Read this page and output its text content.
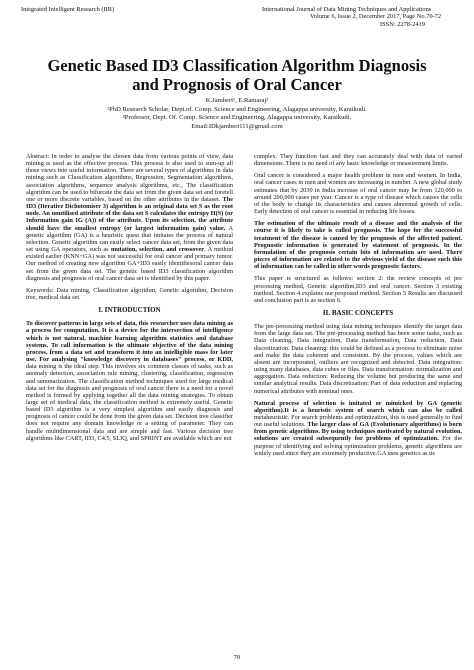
Integrated Intelligent Research (IIR)	International Journal of Data Mining Techniques and Applications
Volume 6, Issue 2, December 2017, Page No.70-72
ISSN: 2278-2419
Genetic Based ID3 Classification Algorithm Diagnosis
and Prognosis of Oral Cancer
K.Jamberi¹, E.Ramaraj²
¹PhD Research Scholar, Dept.of. Comp. Science and Engineering, Alagappa university, Karaikudi.
²Professor, Dept. Of. Comp. Science and Engineering, Alagappa university, Karaikudi.
Email:IDkjamberi111@gmail.com

Abstract: In order to analyse the chosen data from various points of view, data mining is used as the effective process. This process is also used to sum-up all those views into useful information. There are several types of algorithms in data mining such as Classification algorithms, Regression, Segmentation algorithms, association algorithms, sequence analysis algorithms, etc., The classification algorithm can be used to bifurcate the data set from the given data set and foretell one or more discrete variables, based on the other attributes in the dataset. The ID3 (Iterative Dichotomiser 3) algorithm is an original data set S as the root node. An unutilised attribute of the data set S calculates the entropy H(S) (or Information gain IG (A)) of the attribute. Upon its selection, the attribute should have the smallest entropy (or largest information gain) value. A genetic algorithm (GA) is a heuristic quest that imitates the process of natural selection. Genetic algorithm can easily select cancer data set, from the given data set using GA operators, such as mutation, selection, and crossover. A method existed earlier (KNN+GA) was not successful for oral cancer and primary tumor. Our method of creating new algorithm GA+ID3 easily identifiesoral cancer data set from the given data set. The genetic based ID3 classification algorithm diagnosis and prognosis of oral cancer data set is identified by this paper.

Keywords: Data mining, Classification algorithm, Genetic algorithm, Decision tree, medical data set.

I. INTRODUCTION

To discover patterns in large sets of data, this researcher uses data mining as a process for computation. It is a device for the intersection of intelligence which is not natural, machine learning algorithm statistics and database systems. To call information is the ultimate objective of the data mining process, from a data set and transform it into an intelligible mass for later use. For analysing "knowledge discovery in databases" process, or KDD, data mining is the ideal step. This involves six common classes of tasks, such as anomaly detection, association rule mining, clustering, classification, regression and summarization. The classification method techniques used for large medical data set for the diagnosis and prognosis of oral cancer there is a need for a novel method is formed by applying together all the data mining strategies. To obtain large set of medical data, the classification method is extremely useful. Genetic based ID3 algorithm is a very simplest algorithm and easily diagnosis and prognosis of cancer could be done from the given data set. Decision tree classifier does not require any domain knowledge or a setting of parameter. They can handle multidimensional data and are simple and fast. Various decision tree algorithms like CART, ID3, C4.5, SLIQ, and SPRINT are available which are not

complex. They function fast and they can accurately deal with data of varied dimensions. There is no need of any basic knowledge or measurement limits.

Oral cancer is considered a major health problem in men and women. In India, oral cancer cases in men and women are increasing in number. A new global study estimates that by 2030 in India increase of oral cancer may be from 120,000 to around 200,000 cases per year. Cancer is a type of disease which causes the cells of the body to change its characteristics and causes abnormal growth of cells. Early detection of oral cancer is essential in reducing life losses.

The estimation of the ultimate result of a disease and the analysis of the course it is likely to take is called prognosis. The hope for the successful treatment of the disease is caused by the prognosis of the affected patient. Prognostic information is generated by statement of prognosis. In the formulation of the prognosis certain bits of information are used. There pieces of information are related to the obvious yield of the disease such this of information can be called in other words prognostic factors.

This paper is structured as follows: section 2: the review concepts of pre processing method, Genetic algorithm,ID3 and oral cancer. Section 3 existing method. Section 4 explains our proposed method. Section 5 Results are discussed and conclusion part is as section 6.

II. BASIC CONCEPTS

The pre-processing method using data mining techniques identify the target data from the large data set. The pre-processing method has been some tasks, such as Data cleaning, Data integration, Data transformation, Data reduction, Data discretization. Data cleaning: this could be defined as a process to eliminate noise and make the data coherent and consistent. By the process, values which are absent are incorporated, outliers are recognized and detected. Data integration: using many databases, data cubes or files. Data transformation: normalization and aggregation. Data reduction: Reducing the volume but producing the same and similar analytical results. Data discretization: Part of data reduction and replacing numerical attributes with nominal ones.

Natural process of selection is imitated or mimicked by GA (genetic algorithm).It is a heuristic system of search which can also be called metaheuristic. For search problems and optimization, this is used generally to find out useful solutions. The larger class of GA (Evolutionary algorithms) is born from genetic algorithms. By using techniques motivated by natural evolution, solutions are created subsequently for problems of optimization. For the purpose of identifying and solving optimization problems, genetic algorithms are widely used since they are extremely productive.GA uses genetics as its

70
